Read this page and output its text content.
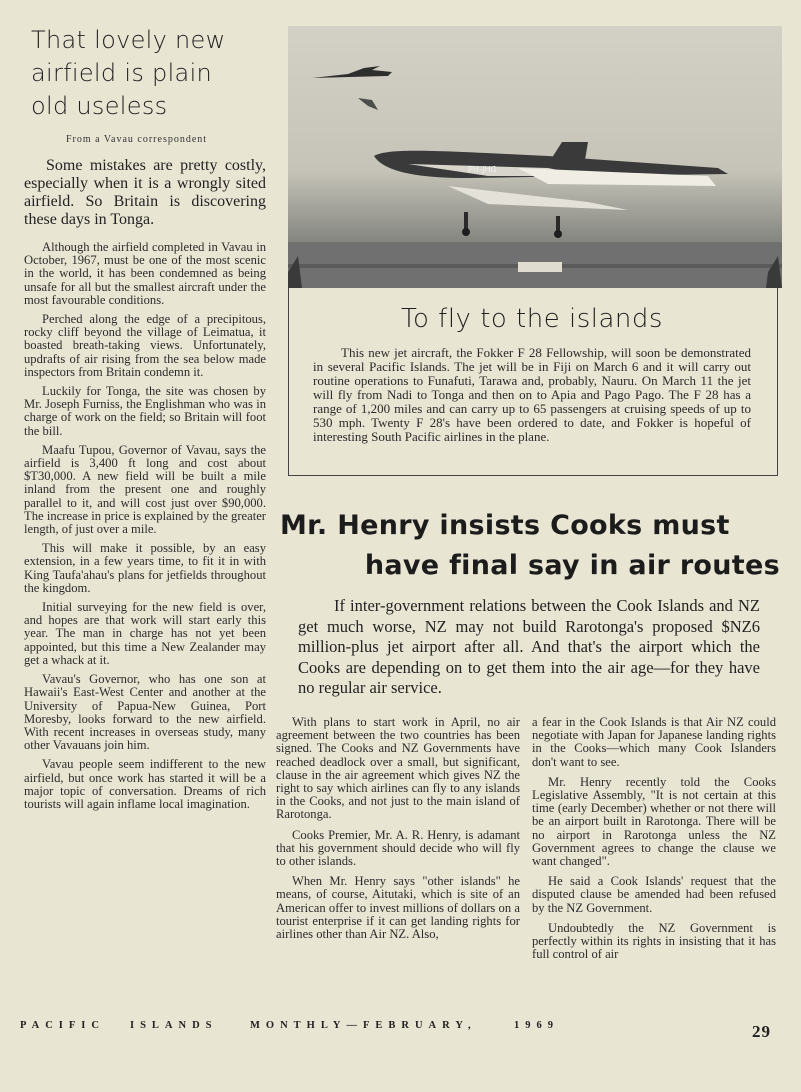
That lovely new
airfield is plain
old useless
From a Vavau correspondent

Some mistakes are pretty costly, especially when it is a wrongly sited airfield. So Britain is discovering these days in Tonga.

Although the airfield completed in Vavau in October, 1967, must be one of the most scenic in the world, it has been condemned as being unsafe for all but the smallest aircraft under the most favourable conditions.

Perched along the edge of a precipitous, rocky cliff beyond the village of Leimatua, it boasted breath-taking views. Unfortunately, updrafts of air rising from the sea below made inspectors from Britain condemn it.

Luckily for Tonga, the site was chosen by Mr. Joseph Furniss, the Englishman who was in charge of work on the field; so Britain will foot the bill.

Maafu Tupou, Governor of Vavau, says the airfield is 3,400 ft long and cost about $T30,000. A new field will be built a mile inland from the present one and roughly parallel to it, and will cost just over $90,000. The increase in price is explained by the greater length, of just over a mile.

This will make it possible, by an easy extension, in a few years time, to fit it in with King Taufa'ahau's plans for jetfields throughout the kingdom.

Initial surveying for the new field is over, and hopes are that work will start early this year. The man in charge has not yet been appointed, but this time a New Zealander may get a whack at it.

Vavau's Governor, who has one son at Hawaii's East-West Center and another at the University of Papua-New Guinea, Port Moresby, looks forward to the new airfield. With recent increases in overseas study, many other Vavauans join him.

Vavau people seem indifferent to the new airfield, but once work has started it will be a major topic of conversation. Dreams of rich tourists will again inflame local imagination.

PH-JHG
To fly to the islands

This new jet aircraft, the Fokker F 28 Fellowship, will soon be demonstrated in several Pacific Islands. The jet will be in Fiji on March 6 and it will carry out routine operations to Funafuti, Tarawa and, probably, Nauru. On March 11 the jet will fly from Nadi to Tonga and then on to Apia and Pago Pago. The F 28 has a range of 1,200 miles and can carry up to 65 passengers at cruising speeds of up to 530 mph. Twenty F 28's have been ordered to date, and Fokker is hopeful of interesting South Pacific airlines in the plane.

Mr. Henry insists Cooks must
have final say in air routes

If inter-government relations between the Cook Islands and NZ get much worse, NZ may not build Rarotonga's proposed $NZ6 million-plus jet airport after all. And that's the airport which the Cooks are depending on to get them into the air age—for they have no regular air service.

With plans to start work in April, no air agreement between the two countries has been signed. The Cooks and NZ Governments have reached deadlock over a small, but significant, clause in the air agreement which gives NZ the right to say which airlines can fly to any islands in the Cooks, and not just to the main island of Rarotonga.

Cooks Premier, Mr. A. R. Henry, is adamant that his government should decide who will fly to other islands.

When Mr. Henry says "other islands" he means, of course, Aitutaki, which is site of an American offer to invest millions of dollars on a tourist enterprise if it can get landing rights for airlines other than Air NZ. Also,

a fear in the Cook Islands is that Air NZ could negotiate with Japan for Japanese landing rights in the Cooks—which many Cook Islanders don't want to see.

Mr. Henry recently told the Cooks Legislative Assembly, "It is not certain at this time (early December) whether or not there will be an airport built in Rarotonga. There will be no airport in Rarotonga unless the NZ Government agrees to change the clause we want changed".

He said a Cook Islands' request that the disputed clause be amended had been refused by the NZ Government.

Undoubtedly the NZ Government is perfectly within its rights in insisting that it has full control of air

PACIFIC ISLANDS	MONTHLY—FEBRUARY,	1969	29
